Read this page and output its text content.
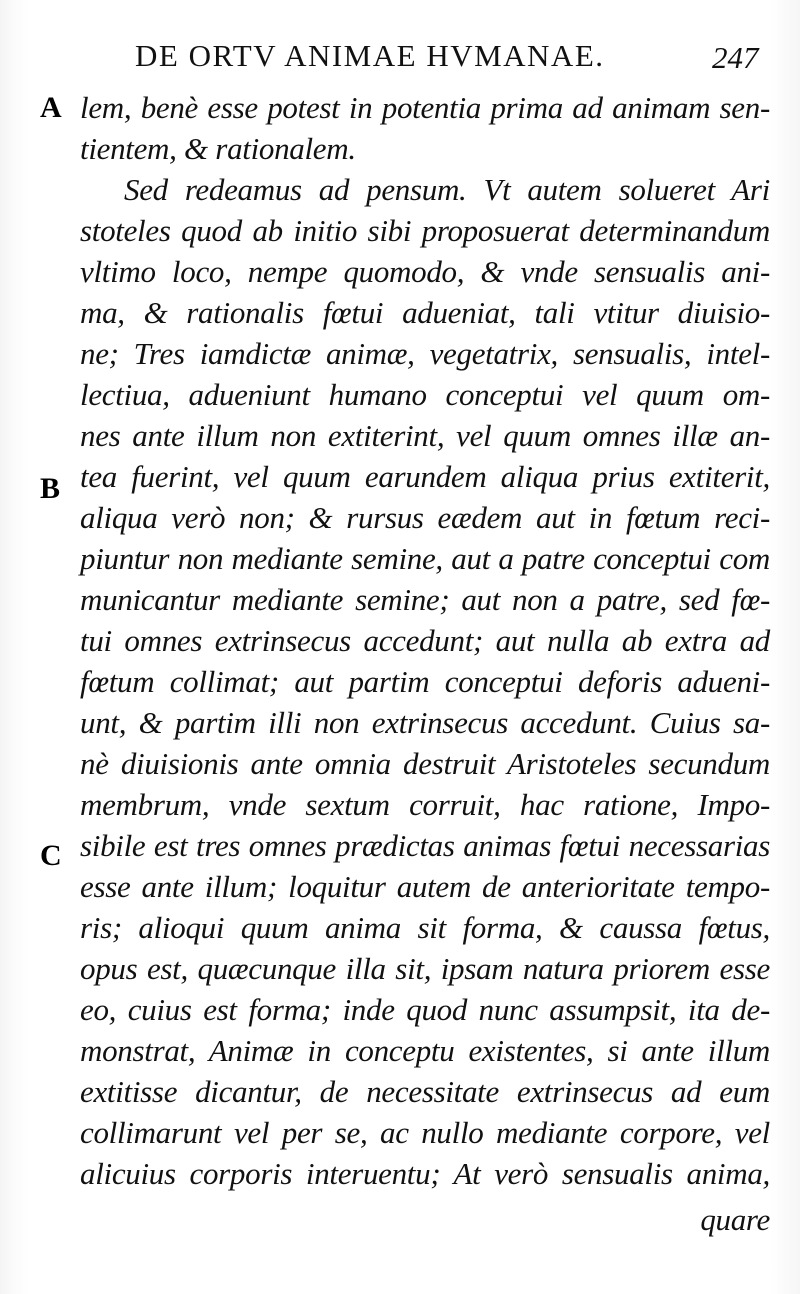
DE ORTV ANIMAE HVMANAE.	247
A
B
C
lem, benè esse potest in potentia prima ad animam sen-
tientem, & rationalem.
Sed redeamus ad pensum. Vt autem solueret Ari
stoteles quod ab initio sibi proposuerat determinandum
vltimo loco, nempe quomodo, & vnde sensualis ani-
ma, & rationalis fœtui adueniat, tali vtitur diuisio-
ne; Tres iamdictæ animæ, vegetatrix, sensualis, intel-
lectiua, adueniunt humano conceptui vel quum om-
nes ante illum non extiterint, vel quum omnes illæ an-
tea fuerint, vel quum earundem aliqua prius extiterit,
aliqua verò non; & rursus eædem aut in fœtum reci-
piuntur non mediante semine, aut a patre conceptui com
municantur mediante semine; aut non a patre, sed fœ-
tui omnes extrinsecus accedunt; aut nulla ab extra ad
fœtum collimat; aut partim conceptui deforis adueni-
unt, & partim illi non extrinsecus accedunt. Cuius sa-
nè diuisionis ante omnia destruit Aristoteles secundum
membrum, vnde sextum corruit, hac ratione, Impo-
sibile est tres omnes prædictas animas fœtui necessarias
esse ante illum; loquitur autem de anterioritate tempo-
ris; alioqui quum anima sit forma, & caussa fœtus,
opus est, quæcunque illa sit, ipsam natura priorem esse
eo, cuius est forma; inde quod nunc assumpsit, ita de-
monstrat, Animæ in conceptu existentes, si ante illum
extitisse dicantur, de necessitate extrinsecus ad eum
collimarunt vel per se, ac nullo mediante corpore, vel
alicuius corporis interuentu; At verò sensualis anima,
quare
